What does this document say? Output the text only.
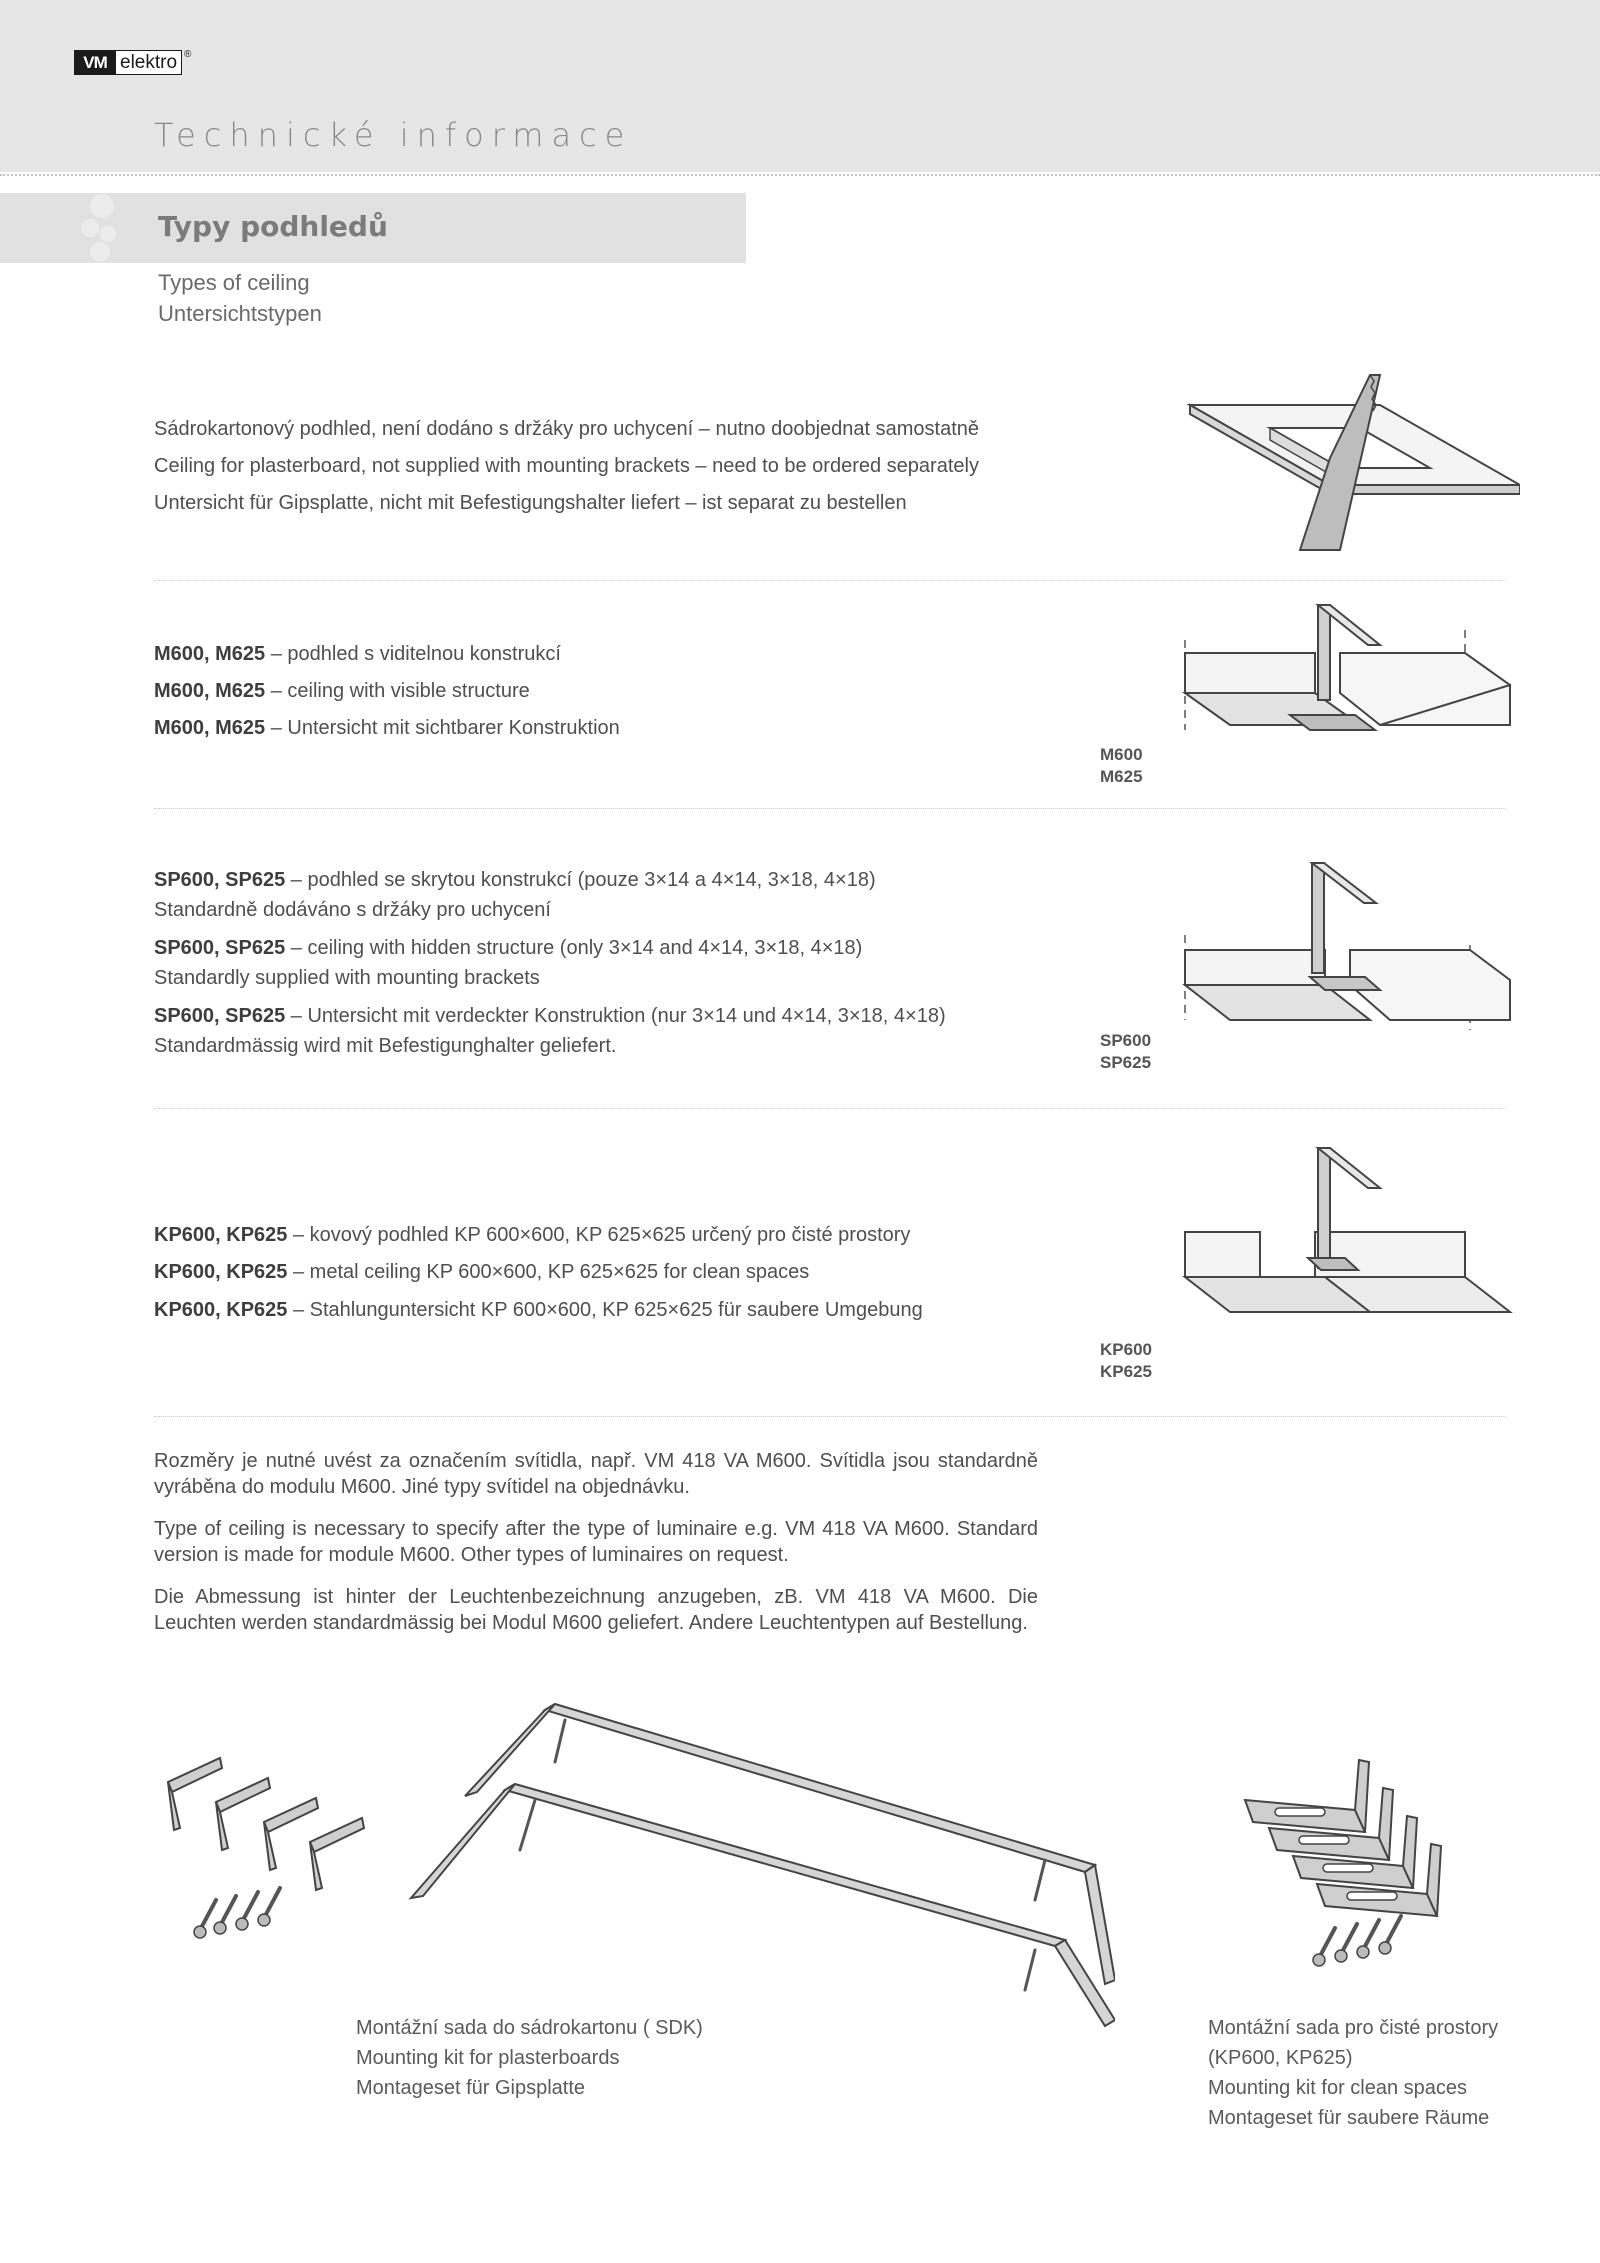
VM elektro ®
Technické informace
Typy podhledů
Types of ceiling
Untersichtstypen
Sádrokartonový podhled, není dodáno s držáky pro uchycení – nutno doobjednat samostatně
Ceiling for plasterboard, not supplied with mounting brackets – need to be ordered separately
Untersicht für Gipsplatte, nicht mit Befestigungshalter liefert – ist separat zu bestellen
M600, M625 – podhled s viditelnou konstrukcí
M600, M625 – ceiling with visible structure
M600, M625 – Untersicht mit sichtbarer Konstruktion
M600
M625
SP600, SP625 – podhled se skrytou konstrukcí (pouze 3×14 a 4×14, 3×18, 4×18)
Standardně dodáváno s držáky pro uchycení
SP600, SP625 – ceiling with hidden structure (only 3×14 and 4×14, 3×18, 4×18)
Standardly supplied with mounting brackets
SP600, SP625 – Untersicht mit verdeckter Konstruktion (nur 3×14 und 4×14, 3×18, 4×18)
Standardmässig wird mit Befestigunghalter geliefert.	SP600
SP625
KP600, KP625 – kovový podhled KP 600×600, KP 625×625 určený pro čisté prostory
KP600, KP625 – metal ceiling KP 600×600, KP 625×625 for clean spaces
KP600, KP625 – Stahlunguntersicht KP 600×600, KP 625×625 für saubere Umgebung
KP600
KP625
Rozměry je nutné uvést za označením svítidla, např. VM 418 VA M600. Svítidla jsou standardně vyráběna do modulu M600. Jiné typy svítidel na objednávku.
Type of ceiling is necessary to specify after the type of luminaire e.g. VM 418 VA M600. Standard version is made for module M600. Other types of luminaires on request.
Die Abmessung ist hinter der Leuchtenbezeichnung anzugeben, zB. VM 418 VA M600. Die Leuchten werden standardmässig bei Modul M600 geliefert. Andere Leuchtentypen auf Bestellung.
Montážní sada do sádrokartonu ( SDK)
Mounting kit for plasterboards
Montageset für Gipsplatte
Montážní sada pro čisté prostory
(KP600, KP625)
Mounting kit for clean spaces
Montageset für saubere Räume
